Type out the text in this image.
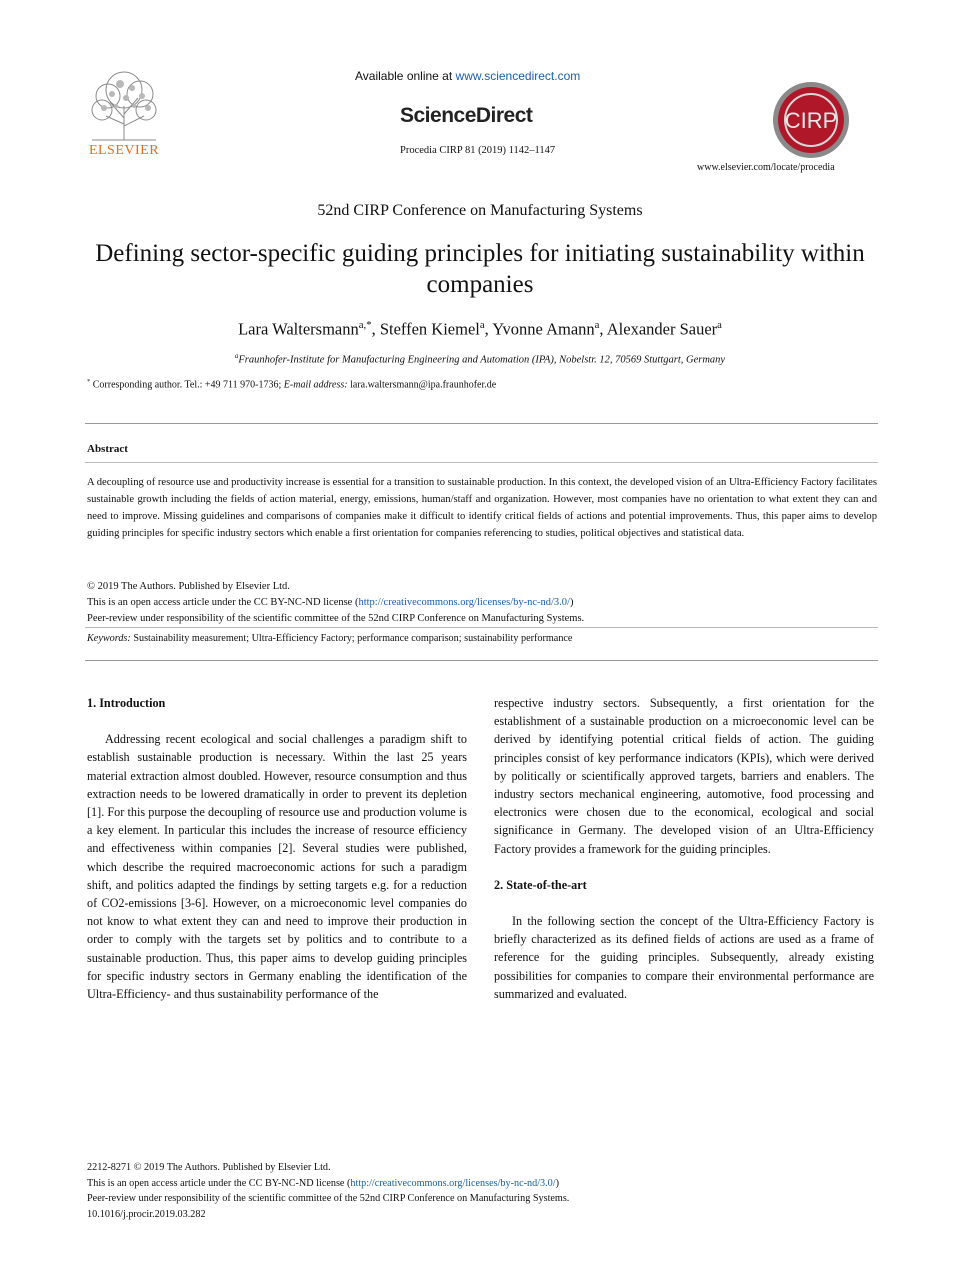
ELSEVIER
Available online at www.sciencedirect.com
ScienceDirect
Procedia CIRP 81 (2019) 1142–1147
CIRP
www.elsevier.com/locate/procedia
52nd CIRP Conference on Manufacturing Systems
Defining sector-specific guiding principles for initiating sustainability within companies
Lara Waltersmann$^{a,*}$, Steffen Kiemel$^a$, Yvonne Amann$^a$, Alexander Sauer$^a$
$^a$Fraunhofer-Institute for Manufacturing Engineering and Automation (IPA), Nobelstr. 12, 70569 Stuttgart, Germany
* Corresponding author. Tel.: +49 711 970-1736; E-mail address: lara.waltersmann@ipa.fraunhofer.de
Abstract
A decoupling of resource use and productivity increase is essential for a transition to sustainable production. In this context, the developed vision of an Ultra-Efficiency Factory facilitates sustainable growth including the fields of action material, energy, emissions, human/staff and organization. However, most companies have no orientation to what extent they can and need to improve. Missing guidelines and comparisons of companies make it difficult to identify critical fields of actions and potential improvements. Thus, this paper aims to develop guiding principles for specific industry sectors which enable a first orientation for companies referencing to studies, political objectives and statistical data.
© 2019 The Authors. Published by Elsevier Ltd.
This is an open access article under the CC BY-NC-ND license (http://creativecommons.org/licenses/by-nc-nd/3.0/)
Peer-review under responsibility of the scientific committee of the 52nd CIRP Conference on Manufacturing Systems.
Keywords: Sustainability measurement; Ultra-Efficiency Factory; performance comparison; sustainability performance
1. Introduction

Addressing recent ecological and social challenges a paradigm shift to establish sustainable production is necessary. Within the last 25 years material extraction almost doubled. However, resource consumption and thus extraction needs to be lowered dramatically in order to prevent its depletion [1]. For this purpose the decoupling of resource use and production volume is a key element. In particular this includes the increase of resource efficiency and effectiveness within companies [2]. Several studies were published, which describe the required macroeconomic actions for such a paradigm shift, and politics adapted the findings by setting targets e.g. for a reduction of CO2-emissions [3-6]. However, on a microeconomic level companies do not know to what extent they can and need to improve their production in order to comply with the targets set by politics and to contribute to a sustainable production. Thus, this paper aims to develop guiding principles for specific industry sectors in Germany enabling the identification of the Ultra-Efficiency- and thus sustainability performance of the

respective industry sectors. Subsequently, a first orientation for the establishment of a sustainable production on a microeconomic level can be derived by identifying potential critical fields of action. The guiding principles consist of key performance indicators (KPIs), which were derived by politically or scientifically approved targets, barriers and enablers. The industry sectors mechanical engineering, automotive, food processing and electronics were chosen due to the economical, ecological and social significance in Germany. The developed vision of an Ultra-Efficiency Factory provides a framework for the guiding principles.

2. State-of-the-art

In the following section the concept of the Ultra-Efficiency Factory is briefly characterized as its defined fields of actions are used as a frame of reference for the guiding principles. Subsequently, already existing possibilities for companies to compare their environmental performance are summarized and evaluated.

2212-8271 © 2019 The Authors. Published by Elsevier Ltd.
This is an open access article under the CC BY-NC-ND license (http://creativecommons.org/licenses/by-nc-nd/3.0/)
Peer-review under responsibility of the scientific committee of the 52nd CIRP Conference on Manufacturing Systems.
10.1016/j.procir.2019.03.282
